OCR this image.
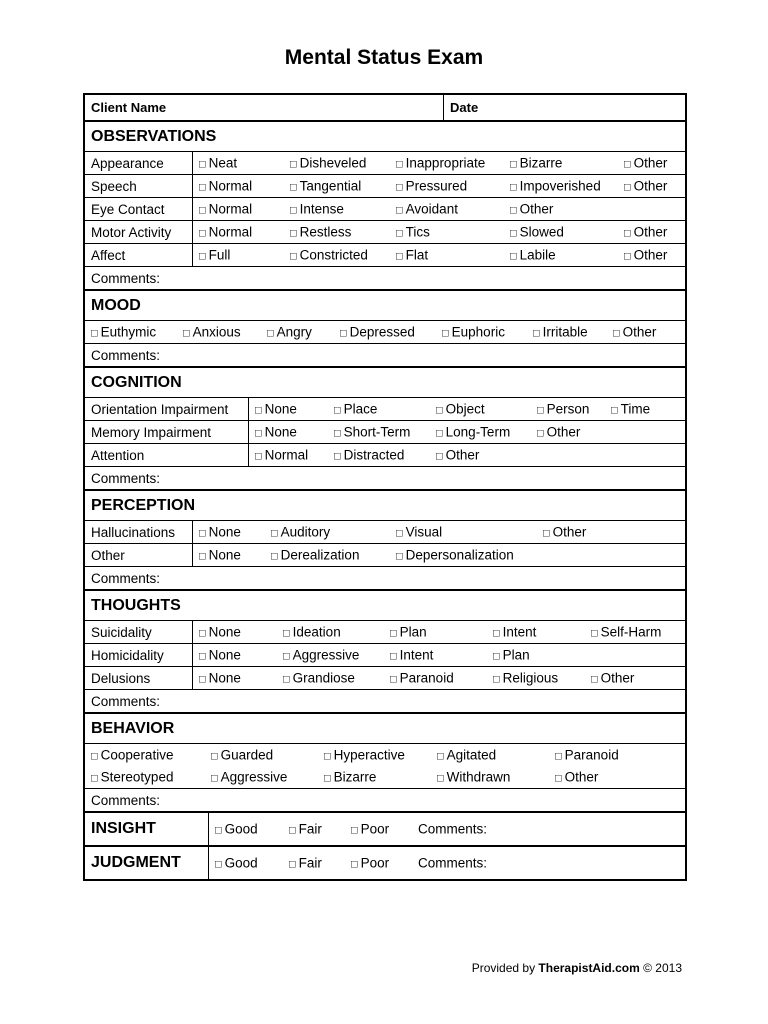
Mental Status Exam
Client Name	Date
OBSERVATIONS
Appearance	□ Neat	□ Disheveled	□ Inappropriate □ Bizarre	□ Other
Speech	□ Normal	□ Tangential	□ Pressured	□ Impoverished □ Other
Eye Contact	□ Normal	□ Intense	□ Avoidant	□ Other
Motor Activity	□ Normal	□ Restless	□ Tics	□ Slowed	□ Other
Affect	□ Full	□ Constricted	□ Flat	□ Labile	□ Other
Comments:
MOOD
□ Euthymic □ Anxious □ Angry	□ Depressed □ Euphoric	□ Irritable □ Other
Comments:
COGNITION
Orientation Impairment	□ None	□ Place	□ Object	□ Person □ Time
Memory Impairment	□ None	□ Short-Term □ Long-Term □ Other
Attention	□ Normal □ Distracted	□ Other
Comments:
PERCEPTION
Hallucinations	□ None	□ Auditory	□ Visual	□ Other
Other	□ None	□ Derealization	□ Depersonalization
Comments:
THOUGHTS
Suicidality	□ None	□ Ideation	□ Plan	□ Intent	□ Self-Harm
Homicidality	□ None	□ Aggressive	□ Intent	□ Plan
Delusions	□ None	□ Grandiose	□ Paranoid	□ Religious	□ Other
Comments:
BEHAVIOR
□ Cooperative	□ Guarded	□ Hyperactive	□ Agitated	□ Paranoid
□ Stereotyped	□ Aggressive	□ Bizarre	□ Withdrawn	□ Other
Comments:
INSIGHT	□ Good	□ Fair	□ Poor Comments:
JUDGMENT	□ Good	□ Fair	□ Poor Comments:
Provided by TherapistAid.com © 2013
